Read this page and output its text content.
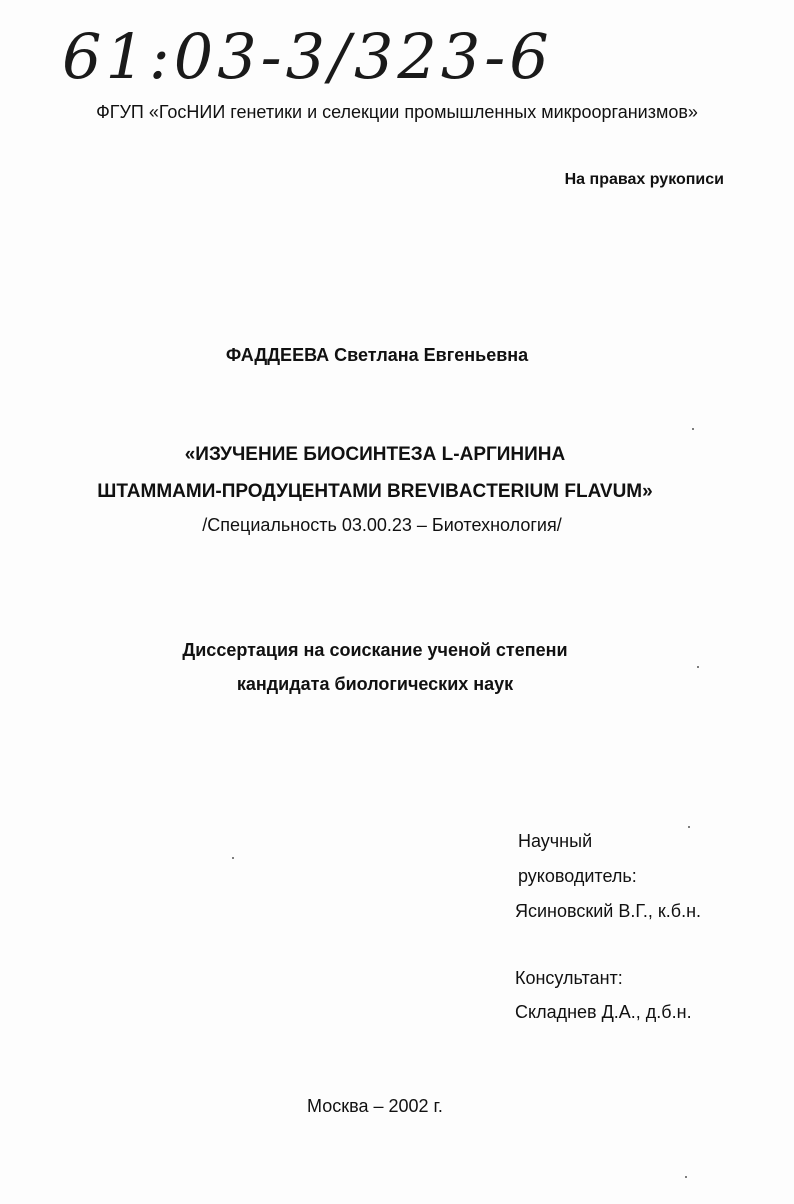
61:03-3/323-6
ФГУП «ГосНИИ генетики и селекции промышленных микроорганизмов»
На правах рукописи
ФАДДЕЕВА Светлана Евгеньевна
«ИЗУЧЕНИЕ БИОСИНТЕЗА L-АРГИНИНА
ШТАММАМИ-ПРОДУЦЕНТАМИ BREVIBACTERIUM FLAVUM»
/Специальность 03.00.23 – Биотехнология/
Диссертация на соискание ученой степени
кандидата биологических наук
Научный
руководитель:
Ясиновский В.Г., к.б.н.
Консультант:
Складнев Д.А., д.б.н.
Москва – 2002 г.
